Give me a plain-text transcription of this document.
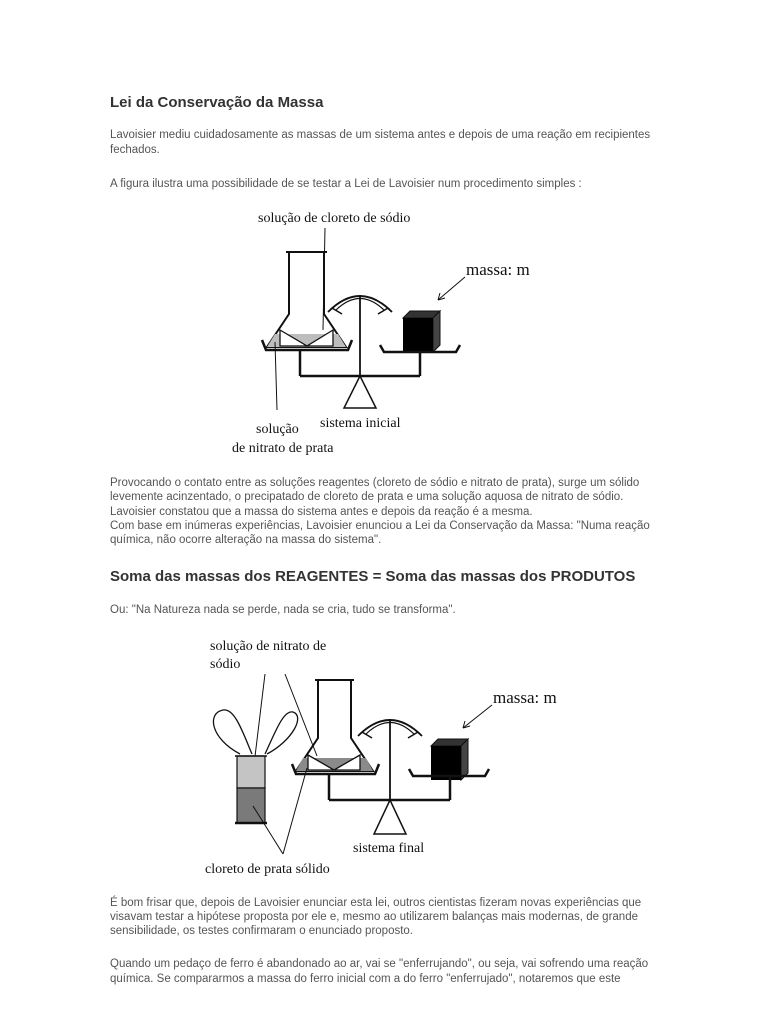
Lei da Conservação da Massa

Lavoisier mediu cuidadosamente as massas de um sistema antes e depois de uma reação em recipientes

fechados.

A figura ilustra uma possibilidade de se testar a Lei de Lavoisier num procedimento simples :

solução de cloreto de sódio
massa: m
solução
de nitrato de prata
sistema inicial

Provocando o contato entre as soluções reagentes (cloreto de sódio e nitrato de prata), surge um sólido

levemente acinzentado, o precipatado de cloreto de prata e uma solução aquosa de nitrato de sódio.

Lavoisier constatou que a massa do sistema antes e depois da reação é a mesma.

Com base em inúmeras experiências, Lavoisier enunciou a Lei da Conservação da Massa: "Numa reação

química, não ocorre alteração na massa do sistema".

Soma das massas dos REAGENTES = Soma das massas dos PRODUTOS

Ou: "Na Natureza nada se perde, nada se cria, tudo se transforma".

solução de nitrato de
sódio
massa: m
sistema final
cloreto de prata sólido

É bom frisar que, depois de Lavoisier enunciar esta lei, outros cientistas fizeram novas experiências que

visavam testar a hipótese proposta por ele e, mesmo ao utilizarem balanças mais modernas, de grande

sensibilidade, os testes confirmaram o enunciado proposto.

Quando um pedaço de ferro é abandonado ao ar, vai se "enferrujando", ou seja, vai sofrendo uma reação

química. Se compararmos a massa do ferro inicial com a do ferro "enferrujado", notaremos que este
